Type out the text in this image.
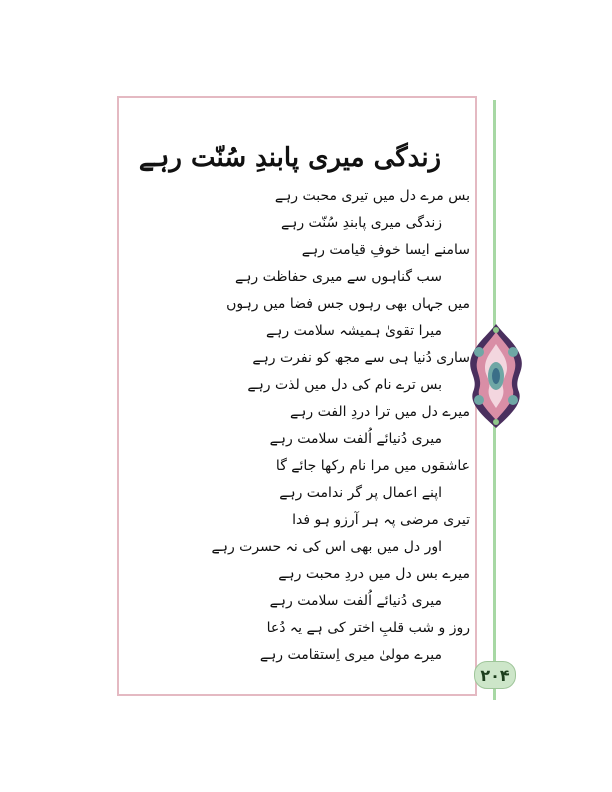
زندگی میری پابندِ سُنّت رہے
بس مرے دل میں تیری محبت رہے
زندگی میری پابندِ سُنّت رہے
سامنے ایسا خوفِ قیامت رہے
سب گناہوں سے میری حفاظت رہے
میں جہاں بھی رہوں جس فضا میں رہوں
میرا تقویٰ ہمیشہ سلامت رہے
ساری دُنیا ہی سے مجھ کو نفرت رہے
بس ترے نام کی دل میں لذت رہے
میرے دل میں ترا دردِ الفت رہے
میری دُنیائے اُلفت سلامت رہے
عاشقوں میں مرا نام رکھا جائے گا
اپنے اعمال پر گر ندامت رہے
تیری مرضی پہ ہر آرزو ہو فدا
اور دل میں بھی اس کی نہ حسرت رہے
میرے بس دل میں دردِ محبت رہے
میری دُنیائے اُلفت سلامت رہے
روز و شب قلبِ اختر کی ہے یہ دُعا
میرے مولیٰ میری اِستقامت رہے
۲۰۴
